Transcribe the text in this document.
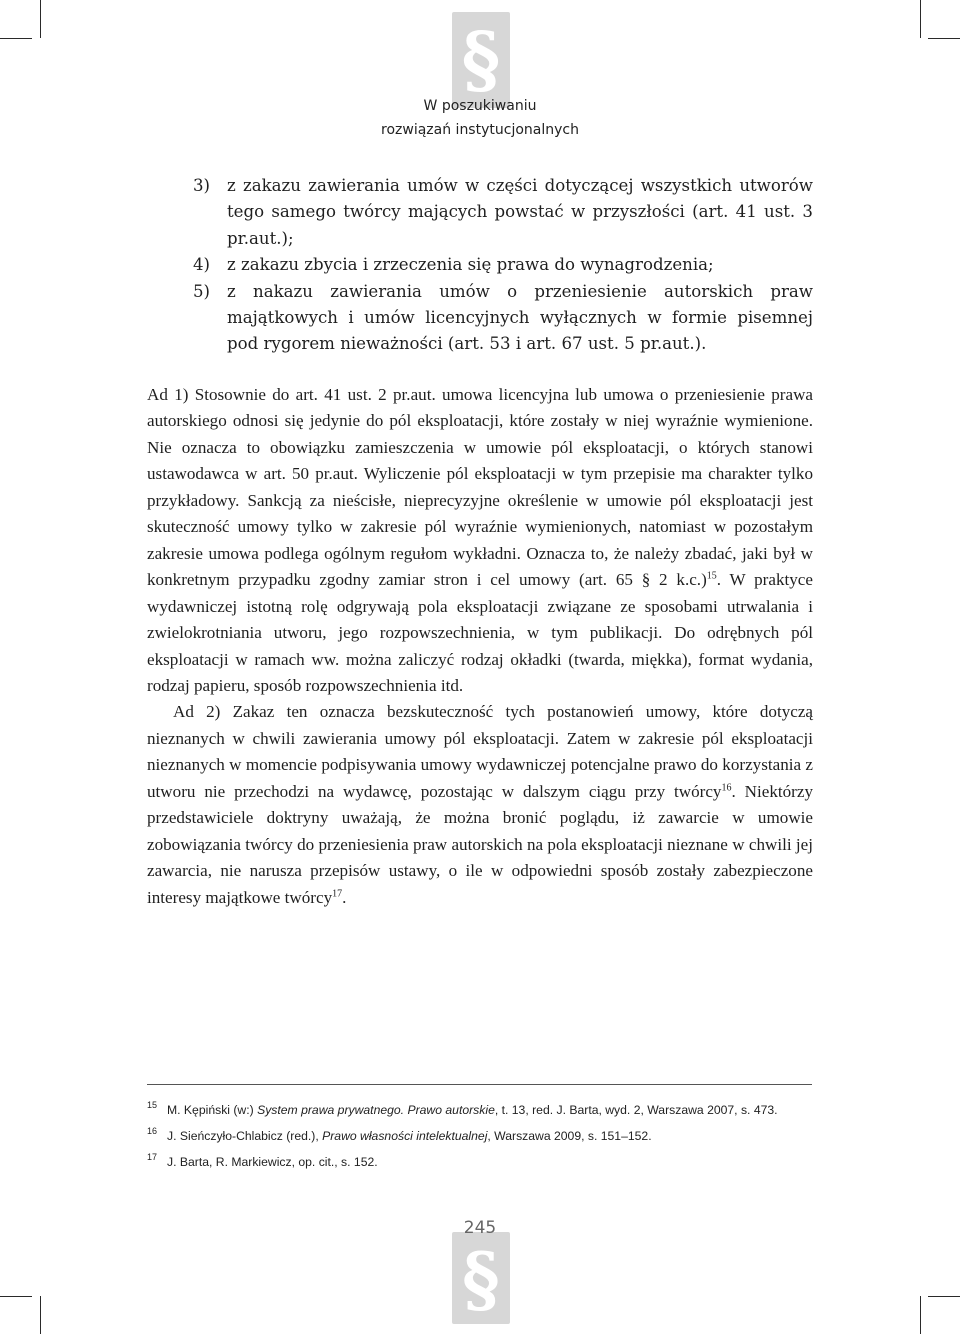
§
§
W poszukiwaniu
rozwiązań instytucjonalnych
3) z zakazu zawierania umów w części dotyczącej wszystkich utworów tego samego twórcy mających powstać w przyszłości (art. 41 ust. 3 pr.aut.);
4) z zakazu zbycia i zrzeczenia się prawa do wynagrodzenia;
5) z nakazu zawierania umów o przeniesienie autorskich praw majątkowych i umów licencyjnych wyłącznych w formie pisemnej pod rygorem nieważności (art. 53 i art. 67 ust. 5 pr.aut.).

Ad 1) Stosownie do art. 41 ust. 2 pr.aut. umowa licencyjna lub umowa o przeniesienie prawa autorskiego odnosi się jedynie do pól eksploatacji, które zostały w niej wyraźnie wymienione. Nie oznacza to obowiązku zamieszczenia w umowie pól eksploatacji, o których stanowi ustawodawca w art. 50 pr.aut. Wyliczenie pól eksploatacji w tym przepisie ma charakter tylko przykładowy. Sankcją za nieścisłe, nieprecyzyjne określenie w umowie pól eksploatacji jest skuteczność umowy tylko w zakresie pól wyraźnie wymienionych, natomiast w pozostałym zakresie umowa podlega ogólnym regułom wykładni. Oznacza to, że należy zbadać, jaki był w konkretnym przypadku zgodny zamiar stron i cel umowy (art. 65 § 2 k.c.)$^{15}$. W praktyce wydawniczej istotną rolę odgrywają pola eksploatacji związane ze sposobami utrwalania i zwielokrotniania utworu, jego rozpowszechnienia, w tym publikacji. Do odrębnych pól eksploatacji w ramach ww. można zaliczyć rodzaj okładki (twarda, miękka), format wydania, rodzaj papieru, sposób rozpowszechnienia itd.

Ad 2) Zakaz ten oznacza bezskuteczność tych postanowień umowy, które dotyczą nieznanych w chwili zawierania umowy pól eksploatacji. Zatem w zakresie pól eksploatacji nieznanych w momencie podpisywania umowy wydawniczej potencjalne prawo do korzystania z utworu nie przechodzi na wydawcę, pozostając w dalszym ciągu przy twórcy$^{16}$. Niektórzy przedstawiciele doktryny uważają, że można bronić poglądu, iż zawarcie w umowie zobowiązania twórcy do przeniesienia praw autorskich na pola eksploatacji nieznane w chwili jej zawarcia, nie narusza przepisów ustawy, o ile w odpowiedni sposób zostały zabezpieczone interesy majątkowe twórcy$^{17}$.

15 M. Kępiński (w:) System prawa prywatnego. Prawo autorskie, t. 13, red. J. Barta, wyd. 2, Warszawa 2007, s. 473.
16 J. Sieńczyło-Chlabicz (red.), Prawo własności intelektualnej, Warszawa 2009, s. 151–152.
17 J. Barta, R. Markiewicz, op. cit., s. 152.
245
